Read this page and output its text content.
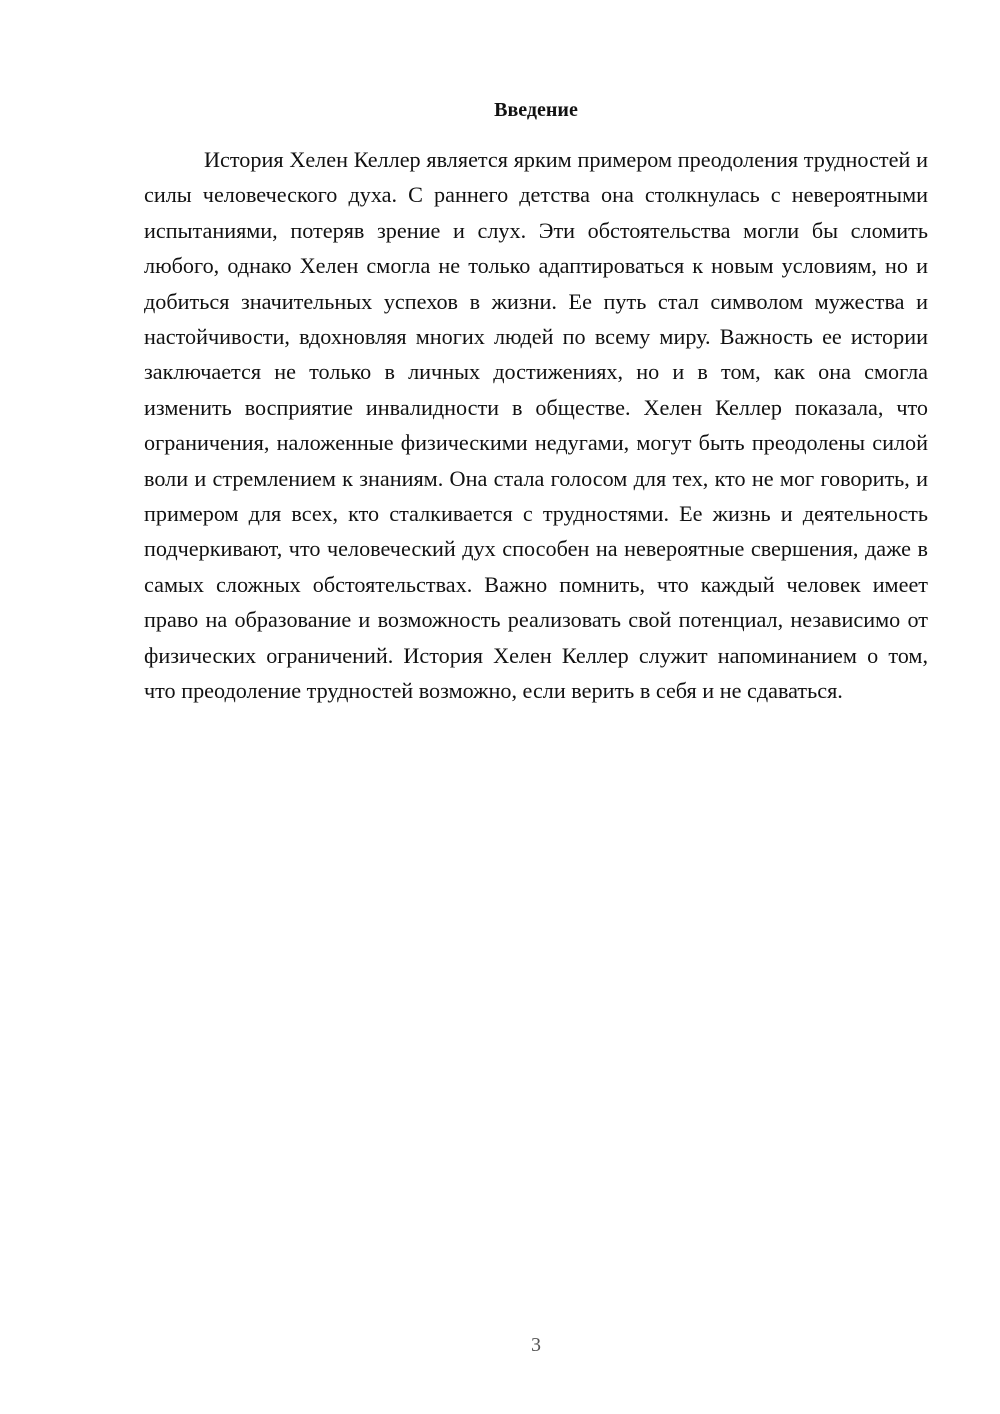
Введение

История Хелен Келлер является ярким примером преодоления трудностей и силы человеческого духа. С раннего детства она столкнулась с невероятными испытаниями, потеряв зрение и слух. Эти обстоятельства могли бы сломить любого, однако Хелен смогла не только адаптироваться к новым условиям, но и добиться значительных успехов в жизни. Ее путь стал символом мужества и настойчивости, вдохновляя многих людей по всему миру. Важность ее истории заключается не только в личных достижениях, но и в том, как она смогла изменить восприятие инвалидности в обществе. Хелен Келлер показала, что ограничения, наложенные физическими недугами, могут быть преодолены силой воли и стремлением к знаниям. Она стала голосом для тех, кто не мог говорить, и примером для всех, кто сталкивается с трудностями. Ее жизнь и деятельность подчеркивают, что человеческий дух способен на невероятные свершения, даже в самых сложных обстоятельствах. Важно помнить, что каждый человек имеет право на образование и возможность реализовать свой потенциал, независимо от физических ограничений. История Хелен Келлер служит напоминанием о том, что преодоление трудностей возможно, если верить в себя и не сдаваться.

3
